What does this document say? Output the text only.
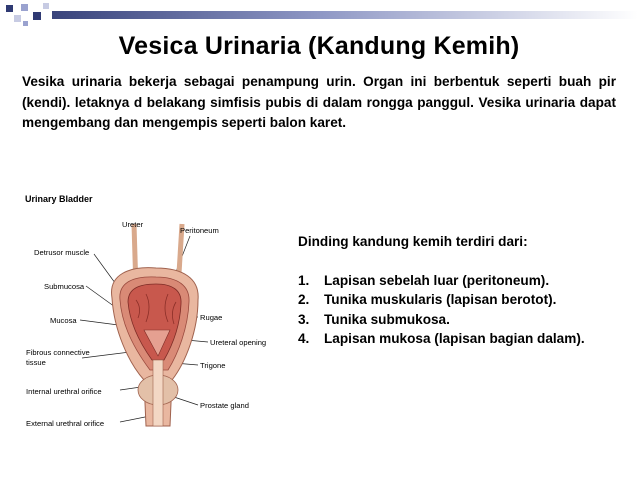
Vesica Urinaria (Kandung Kemih)
Vesika urinaria bekerja sebagai penampung urin. Organ ini berbentuk seperti buah pir (kendi). letaknya d belakang simfisis pubis di dalam rongga panggul. Vesika urinaria dapat mengembang dan mengempis seperti balon karet.
Urinary Bladder
Ureter
Peritoneum
Detrusor muscle
Submucosa
Mucosa
Fibrous connective
tissue
Internal urethral orifice
External urethral orifice
Rugae
Ureteral opening
Trigone
Prostate gland
Dinding kandung kemih terdiri dari:
1. Lapisan sebelah luar (peritoneum).
2. Tunika muskularis (lapisan berotot).
3. Tunika submukosa.
4. Lapisan mukosa (lapisan bagian dalam).
